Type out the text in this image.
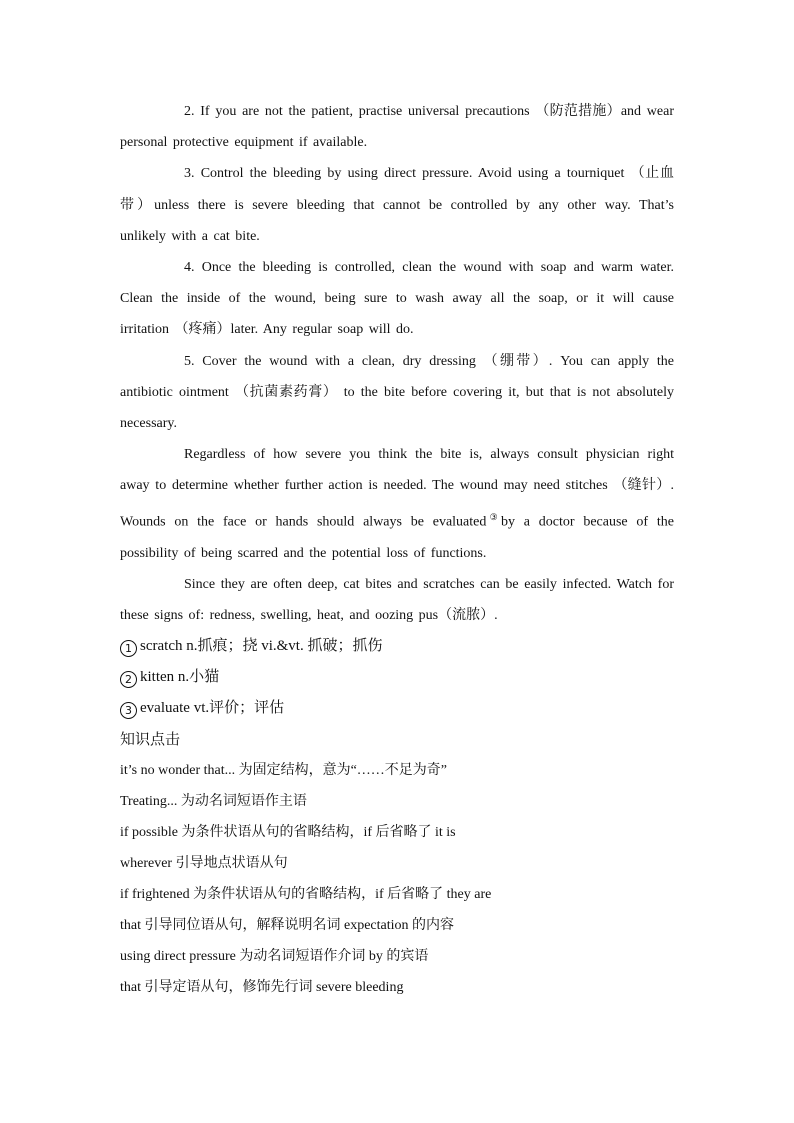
2. If you are not the patient, practise universal precautions （防范措施）and wear personal protective equipment if available.

3. Control the bleeding by using direct pressure. Avoid using a tourniquet （止血带）unless there is severe bleeding that cannot be controlled by any other way. That’s unlikely with a cat bite.

4. Once the bleeding is controlled, clean the wound with soap and warm water. Clean the inside of the wound, being sure to wash away all the soap, or it will cause irritation （疼痛）later. Any regular soap will do.

5. Cover the wound with a clean, dry dressing （绷带）. You can apply the antibiotic ointment （抗菌素药膏） to the bite before covering it, but that is not absolutely necessary.

Regardless of how severe you think the bite is, always consult physician right away to determine whether further action is needed. The wound may need stitches （缝针）. Wounds on the face or hands should always be evaluated③by a doctor because of the possibility of being scarred and the potential loss of functions.

Since they are often deep, cat bites and scratches can be easily infected. Watch for these signs of: redness, swelling, heat, and oozing pus（流脓）.

1 scratch n.抓痕；挠 vi.&vt. 抓破；抓伤

2 kitten n.小猫

3 evaluate vt.评价；评估

知识点击

it’s no wonder that... 为固定结构，意为“……不足为奇”

Treating... 为动名词短语作主语

if possible 为条件状语从句的省略结构，if 后省略了 it is

wherever 引导地点状语从句

if frightened 为条件状语从句的省略结构，if 后省略了 they are

that 引导同位语从句，解释说明名词 expectation 的内容

using direct pressure 为动名词短语作介词 by 的宾语

that 引导定语从句，修饰先行词 severe bleeding
